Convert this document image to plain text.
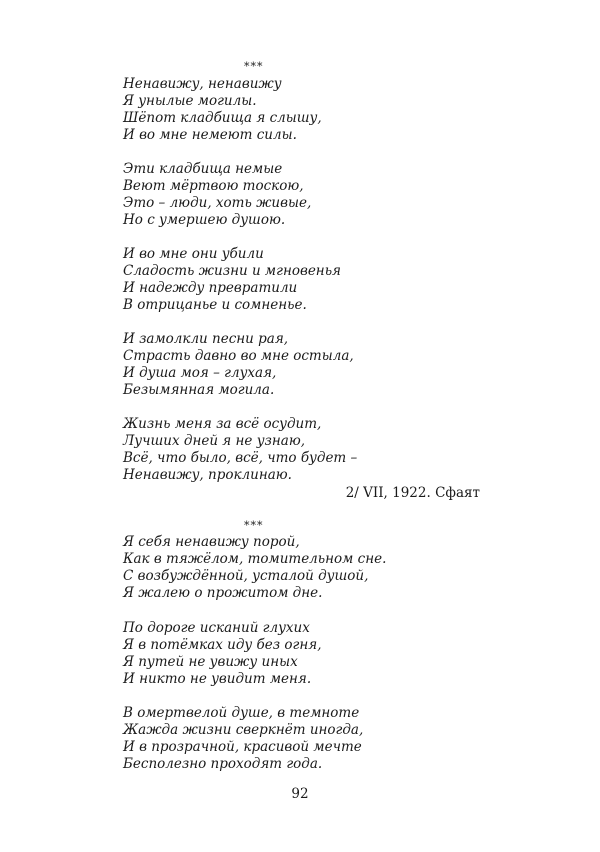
***
Ненавижу, ненавижу
Я унылые могилы.
Шёпот кладбища я слышу,
И во мне немеют силы.
Эти кладбища немые
Веют мёртвою тоскою,
Это – люди, хоть живые,
Но с умершею душою.
И во мне они убили
Сладость жизни и мгновенья
И надежду превратили
В отрицанье и сомненье.
И замолкли песни рая,
Страсть давно во мне остыла,
И душа моя – глухая,
Безымянная могила.
Жизнь меня за всё осудит,
Лучших дней я не узнаю,
Всё, что было, всё, что будет –
Ненавижу, проклинаю.
2/ VII, 1922. Сфаят
***
Я себя ненавижу порой,
Как в тяжёлом, томительном сне.
С возбуждённой, усталой душой,
Я жалею о прожитом дне.
По дороге исканий глухих
Я в потёмках иду без огня,
Я путей не увижу иных
И никто не увидит меня.
В омертвелой душе, в темноте
Жажда жизни сверкнёт иногда,
И в прозрачной, красивой мечте
Бесполезно проходят года.
92
